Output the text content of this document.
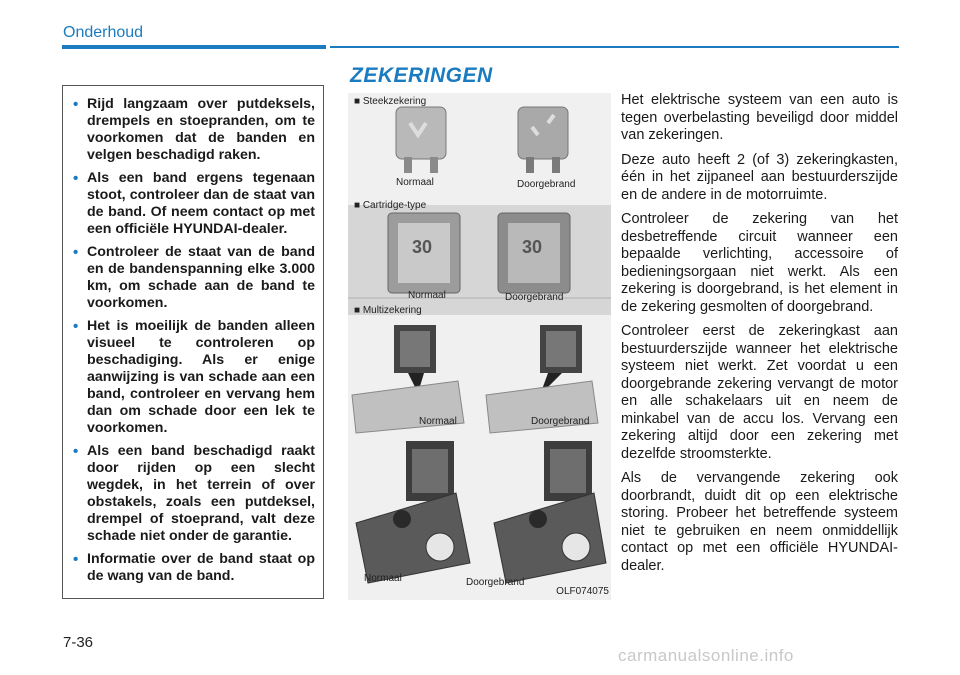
Onderhoud
ZEKERINGEN
• Rijd langzaam over putdeksels, drempels en stoepranden, om te voorkomen dat de banden en velgen beschadigd raken.
• Als een band ergens tegenaan stoot, controleer dan de staat van de band. Of neem contact op met een officiële HYUNDAI-dealer.
• Controleer de staat van de band en de bandenspanning elke 3.000 km, om schade aan de band te voorkomen.
• Het is moeilijk de banden alleen visueel te controleren op beschadiging. Als er enige aanwijzing is van schade aan een band, controleer en vervang hem dan om schade door een lek te voorkomen.
• Als een band beschadigd raakt door rijden op een slecht wegdek, in het terrein of over obstakels, zoals een putdeksel, drempel of stoeprand, valt deze schade niet onder de garantie.
• Informatie over de band staat op de wang van de band.
30	30
■ Steekzekering
Normaal	Doorgebrand
■ Cartridge-type
Normaal	Doorgebrand
■ Multizekering
Normaal	Doorgebrand
Normaal	Doorgebrand
OLF074075

Het elektrische systeem van een auto is tegen overbelasting beveiligd door middel van zekeringen.

Deze auto heeft 2 (of 3) zekeringkasten, één in het zijpaneel aan bestuurderszijde en de andere in de motorruimte.

Controleer de zekering van het desbetreffende circuit wanneer een bepaalde verlichting, accessoire of bedieningsorgaan niet werkt. Als een zekering is doorgebrand, is het element in de zekering gesmolten of doorgebrand.

Controleer eerst de zekeringkast aan bestuurderszijde wanneer het elektrische systeem niet werkt. Zet voordat u een doorgebrande zekering vervangt de motor en alle schakelaars uit en neem de minkabel van de accu los. Vervang een zekering altijd door een zekering met dezelfde stroomsterkte.

Als de vervangende zekering ook doorbrandt, duidt dit op een elektrische storing. Probeer het betreffende systeem niet te gebruiken en neem onmiddellijk contact op met een officiële HYUNDAI-dealer.

7-36
carmanualsonline.info
